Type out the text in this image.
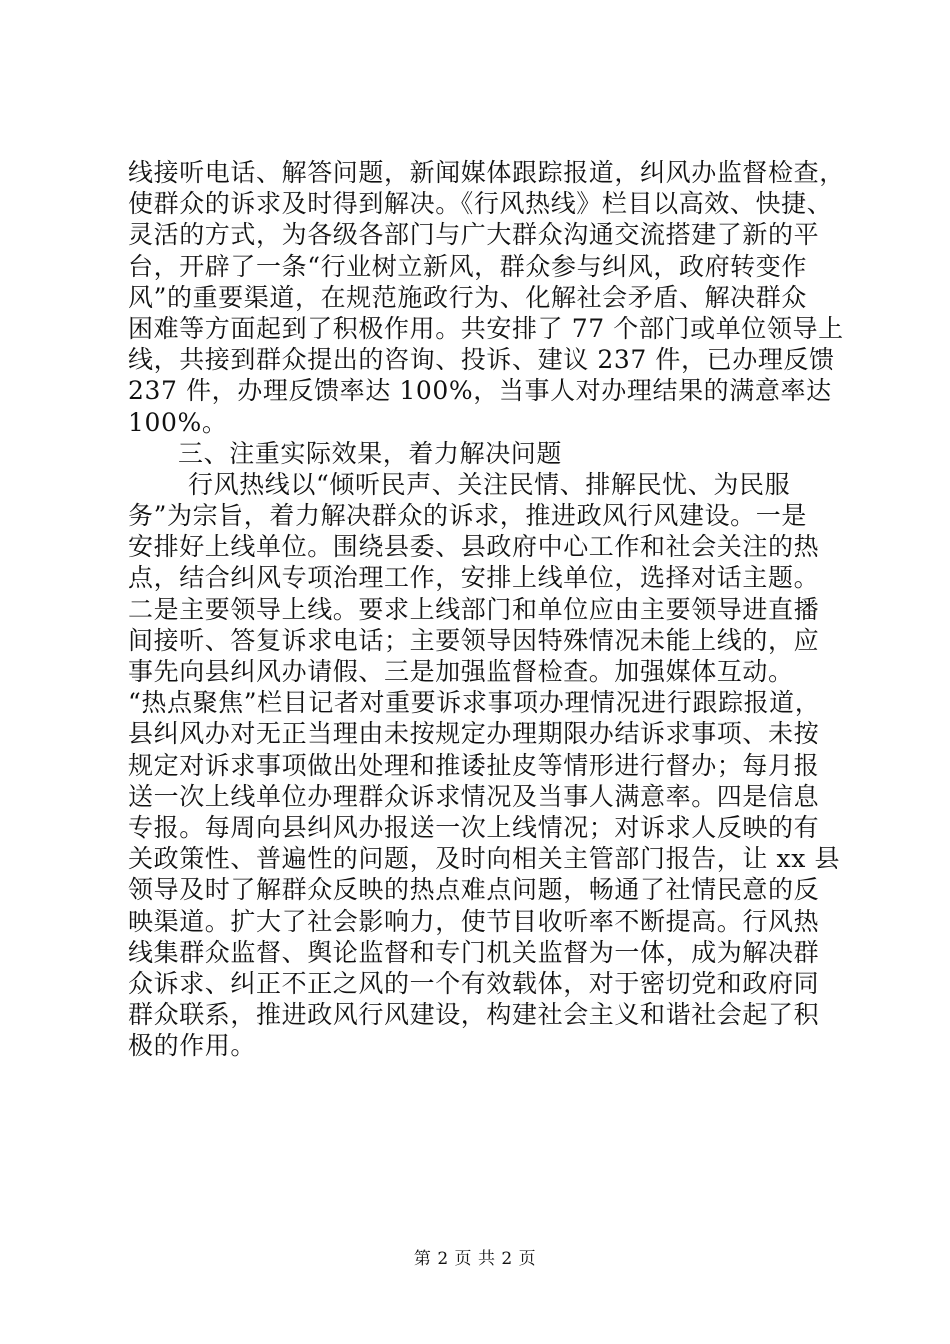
线接听电话、解答问题，新闻媒体跟踪报道，纠风办监督检查，
使群众的诉求及时得到解决。《行风热线》栏目以高效、快捷、
灵活的方式，为各级各部门与广大群众沟通交流搭建了新的平
台，开辟了一条“行业树立新风，群众参与纠风，政府转变作
风”的重要渠道，在规范施政行为、化解社会矛盾、解决群众
困难等方面起到了积极作用。共安排了 77 个部门或单位领导上
线，共接到群众提出的咨询、投诉、建议 237 件，已办理反馈
237 件，办理反馈率达 100%，当事人对办理结果的满意率达
100%。
三、注重实际效果，着力解决问题
行风热线以“倾听民声、关注民情、排解民忧、为民服
务”为宗旨，着力解决群众的诉求，推进政风行风建设。一是
安排好上线单位。围绕县委、县政府中心工作和社会关注的热
点，结合纠风专项治理工作，安排上线单位，选择对话主题。
二是主要领导上线。要求上线部门和单位应由主要领导进直播
间接听、答复诉求电话；主要领导因特殊情况未能上线的，应
事先向县纠风办请假、三是加强监督检查。加强媒体互动。
“热点聚焦”栏目记者对重要诉求事项办理情况进行跟踪报道，
县纠风办对无正当理由未按规定办理期限办结诉求事项、未按
规定对诉求事项做出处理和推诿扯皮等情形进行督办；每月报
送一次上线单位办理群众诉求情况及当事人满意率。四是信息
专报。每周向县纠风办报送一次上线情况；对诉求人反映的有
关政策性、普遍性的问题，及时向相关主管部门报告，让 xx 县
领导及时了解群众反映的热点难点问题，畅通了社情民意的反
映渠道。扩大了社会影响力，使节目收听率不断提高。行风热
线集群众监督、舆论监督和专门机关监督为一体，成为解决群
众诉求、纠正不正之风的一个有效载体，对于密切党和政府同
群众联系，推进政风行风建设，构建社会主义和谐社会起了积
极的作用。
第 2 页 共 2 页
